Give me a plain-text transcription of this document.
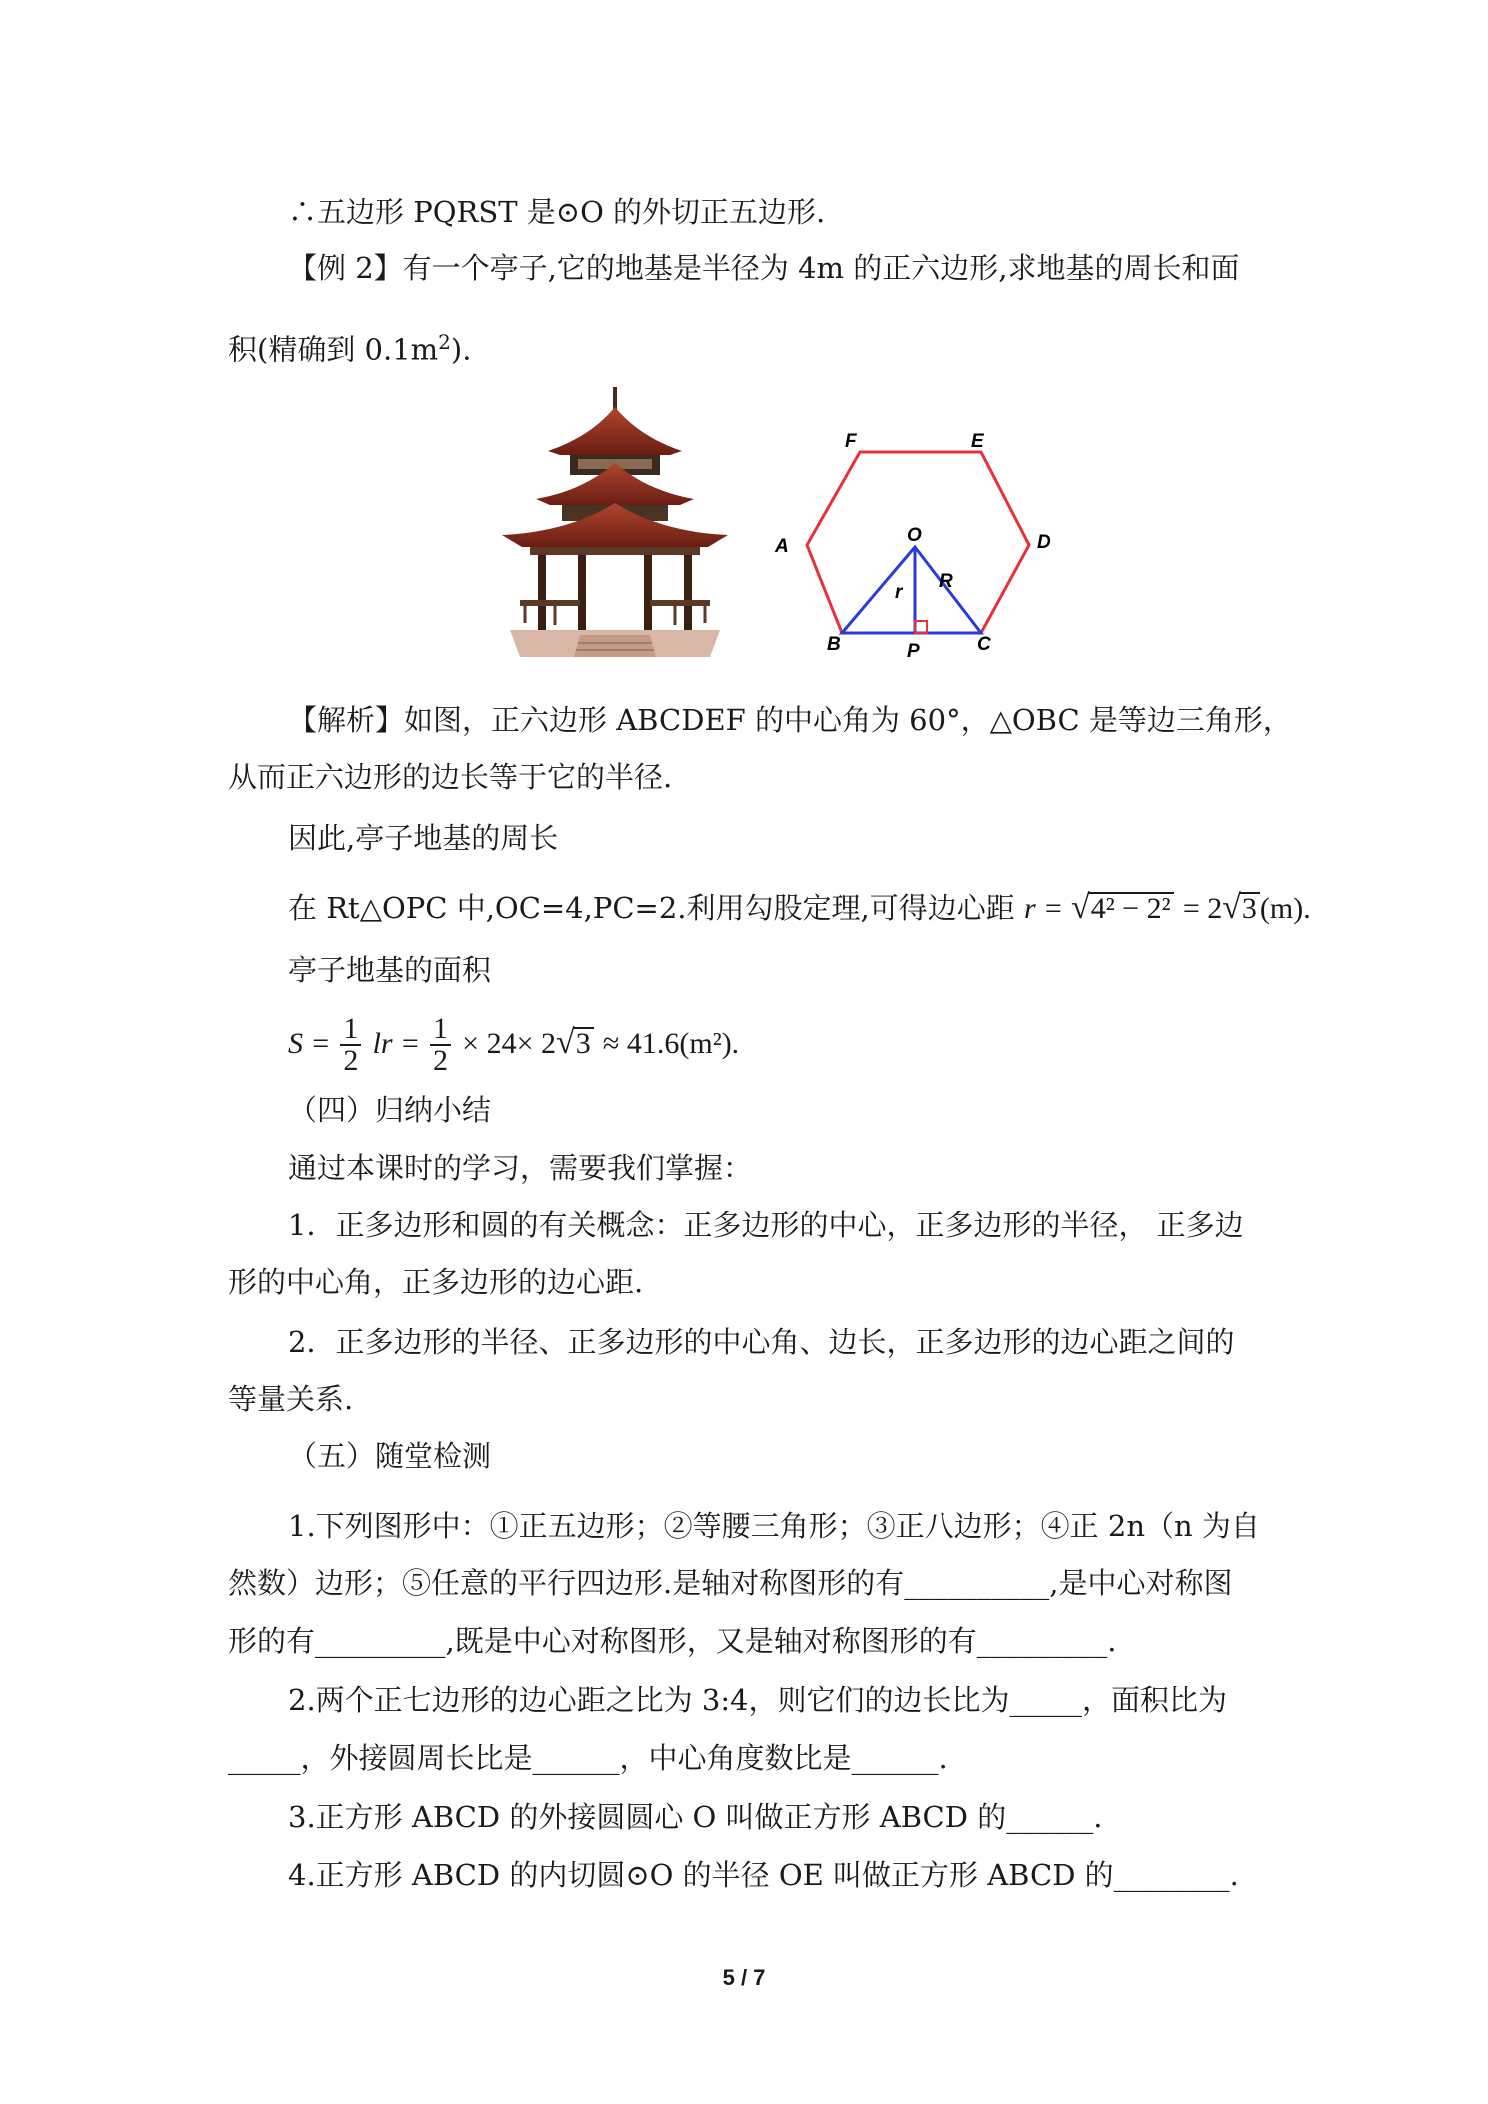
∴五边形 PQRST 是⊙O 的外切正五边形.
【例 2】有一个亭子,它的地基是半径为 4m 的正六边形,求地基的周长和面
积(精确到 $0.1m^2$).
F	E
A	D
O
B	C
P
r
R
【解析】如图，正六边形 ABCDEF 的中心角为 60°，△OBC 是等边三角形，
从而正六边形的边长等于它的半径.
因此,亭子地基的周长
在 Rt△OPC 中,OC=4,PC=2.利用勾股定理,可得边心距 r = √4² − 2² = 2√3 (m).
亭子地基的面积
$S = \frac{1}{2}$ lr = $\frac{1}{2} \times 24\times 2√3 \approx 41.6(m^2)$.
（四）归纳小结
通过本课时的学习，需要我们掌握：
1．正多边形和圆的有关概念：正多边形的中心，正多边形的半径， 正多边
形的中心角，正多边形的边心距.
2．正多边形的半径、正多边形的中心角、边长，正多边形的边心距之间的
等量关系.
（五）随堂检测
1.下列图形中：①正五边形；②等腰三角形；③正八边形；④正 2n（n 为自
然数）边形；⑤任意的平行四边形.是轴对称图形的有__________,是中心对称图
形的有_________,既是中心对称图形，又是轴对称图形的有_________.
2.两个正七边形的边心距之比为 3:4，则它们的边长比为_____，面积比为
_____，外接圆周长比是______，中心角度数比是______.
3.正方形 ABCD 的外接圆圆心 O 叫做正方形 ABCD 的______.
4.正方形 ABCD 的内切圆⊙O 的半径 OE 叫做正方形 ABCD 的________.
5 / 7
